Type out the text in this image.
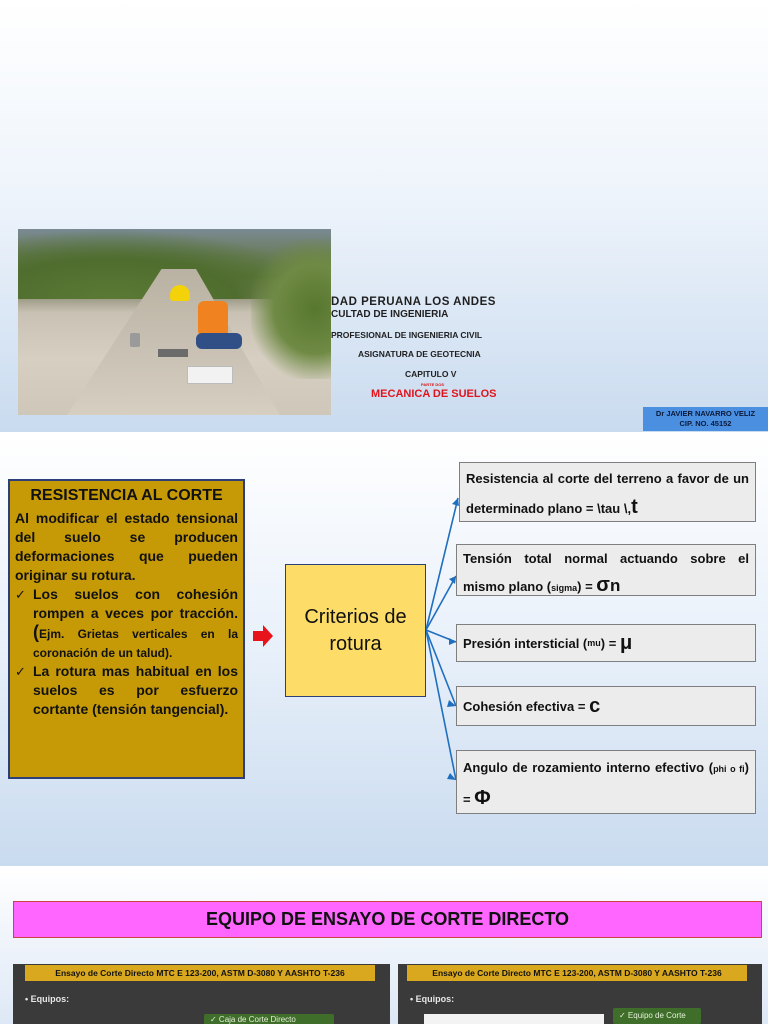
DAD PERUANA LOS ANDES
CULTAD DE INGENIERIA
PROFESIONAL DE INGENIERIA CIVIL
ASIGNATURA DE GEOTECNIA
CAPITULO V
PARTE DOS
MECANICA DE SUELOS
Dr JAVIER NAVARRO VELIZ
CIP. NO. 45152
RESISTENCIA AL CORTE

Al modificar el estado tensional del suelo se producen deformaciones que pueden originar su rotura.

✓ Los suelos con cohesión rompen a veces por tracción. (Ejm. Grietas verticales en la coronación de un talud).
✓ La rotura mas habitual en los suelos es por esfuerzo cortante (tensión tangencial).
Criterios de rotura
Resistencia al corte del terreno a favor de un determinado plano = \tau \,t
Tensión total normal actuando sobre el mismo plano (sigma) = σn
Presión intersticial ( mu ) =
μ
Cohesión efectiva =
c
Angulo de rozamiento interno efectivo (phi o fi) = Φ
EQUIPO DE ENSAYO DE CORTE DIRECTO
Ensayo de Corte Directo MTC E 123-200, ASTM D-3080 Y AASHTO T-236
• Equipos:
✓ Caja de Corte Directo
Ensayo de Corte Directo MTC E 123-200, ASTM D-3080 Y AASHTO T-236
• Equipos:
✓ Equipo de Corte
